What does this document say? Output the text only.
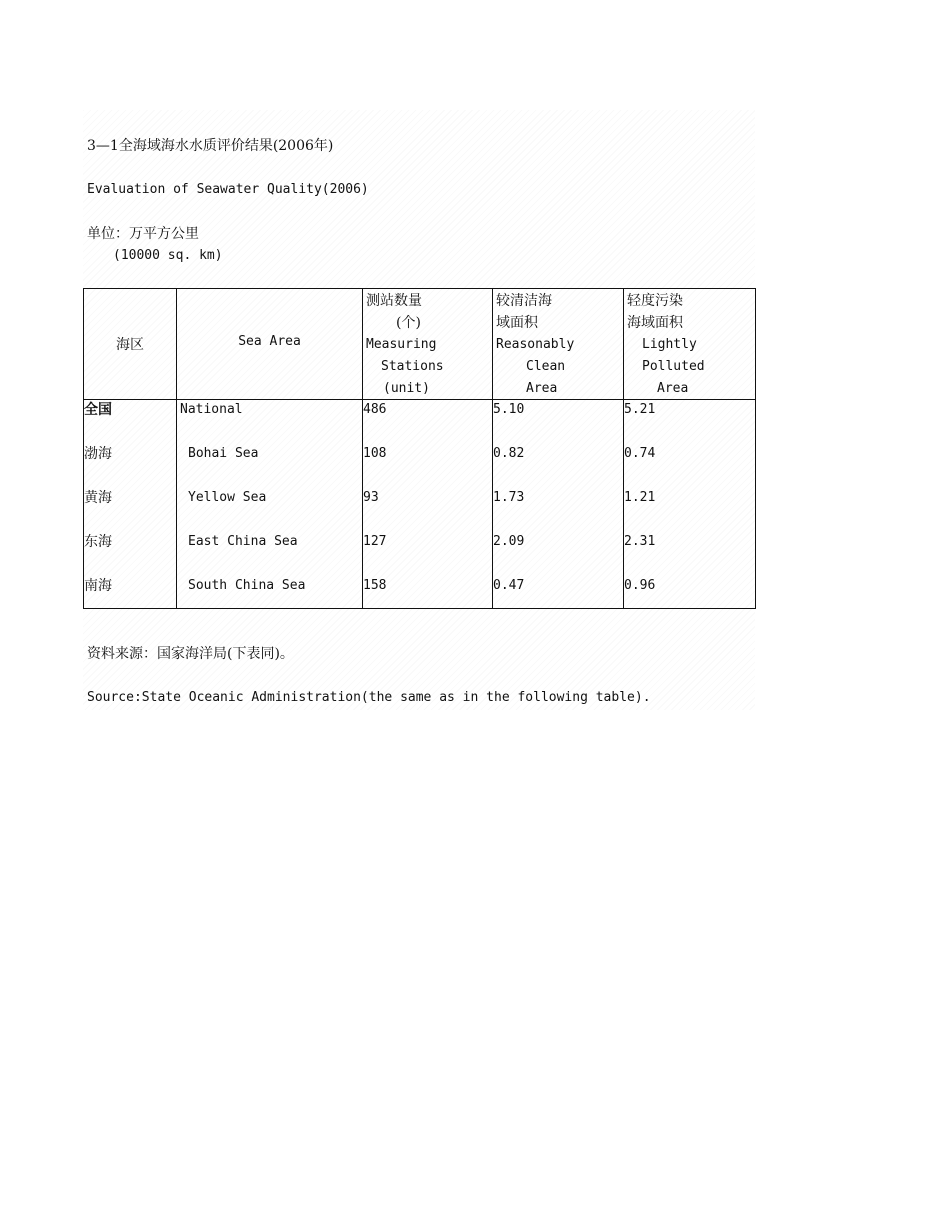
3—1全海域海水水质评价结果(2006年)
Evaluation of Seawater Quality(2006)
单位：万平方公里
(10000 sq. km)
海区	Sea Area	测站数量
(个)
Measuring
Stations
(unit)	较清洁海
域面积
Reasonably
Clean
Area	轻度污染
海域面积
Lightly
Polluted
Area

全国	National	486	5.10	5.21
渤海	Bohai Sea	108	0.82	0.74
黄海	Yellow Sea	93	1.73	1.21
东海	East China Sea	127	2.09	2.31
南海	South China Sea	158	0.47	0.96
资料来源：国家海洋局(下表同)。
Source:State Oceanic Administration(the same as in the following table).
